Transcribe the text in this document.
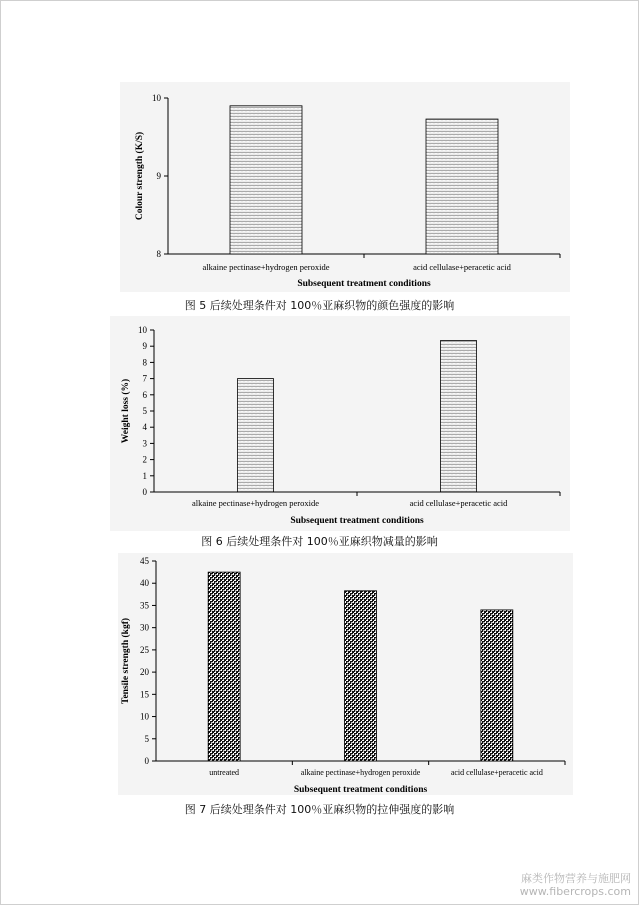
8
9
10
alkaine pectinase+hydrogen peroxide	acid cellulase+peracetic acid
Subsequent treatment conditions
Colour strength (K/S)
图 5 后续处理条件对 100％亚麻织物的颜色强度的影响
0
1
2
3
4
5
6
7
8
9
10
alkaine pectinase+hydrogen peroxide	acid cellulase+peracetic acid
Subsequent treatment conditions
Weight loss (%)
图 6 后续处理条件对 100％亚麻织物减量的影响
0
5
10
15
20
25
30
35
40
45
untreated	alkaine pectinase+hydrogen peroxide	acid cellulase+peracetic acid
Subsequent treatment conditions
Tensile strength (kgf)
图 7 后续处理条件对 100％亚麻织物的拉伸强度的影响
麻类作物营养与施肥网
www.fibercrops.com
